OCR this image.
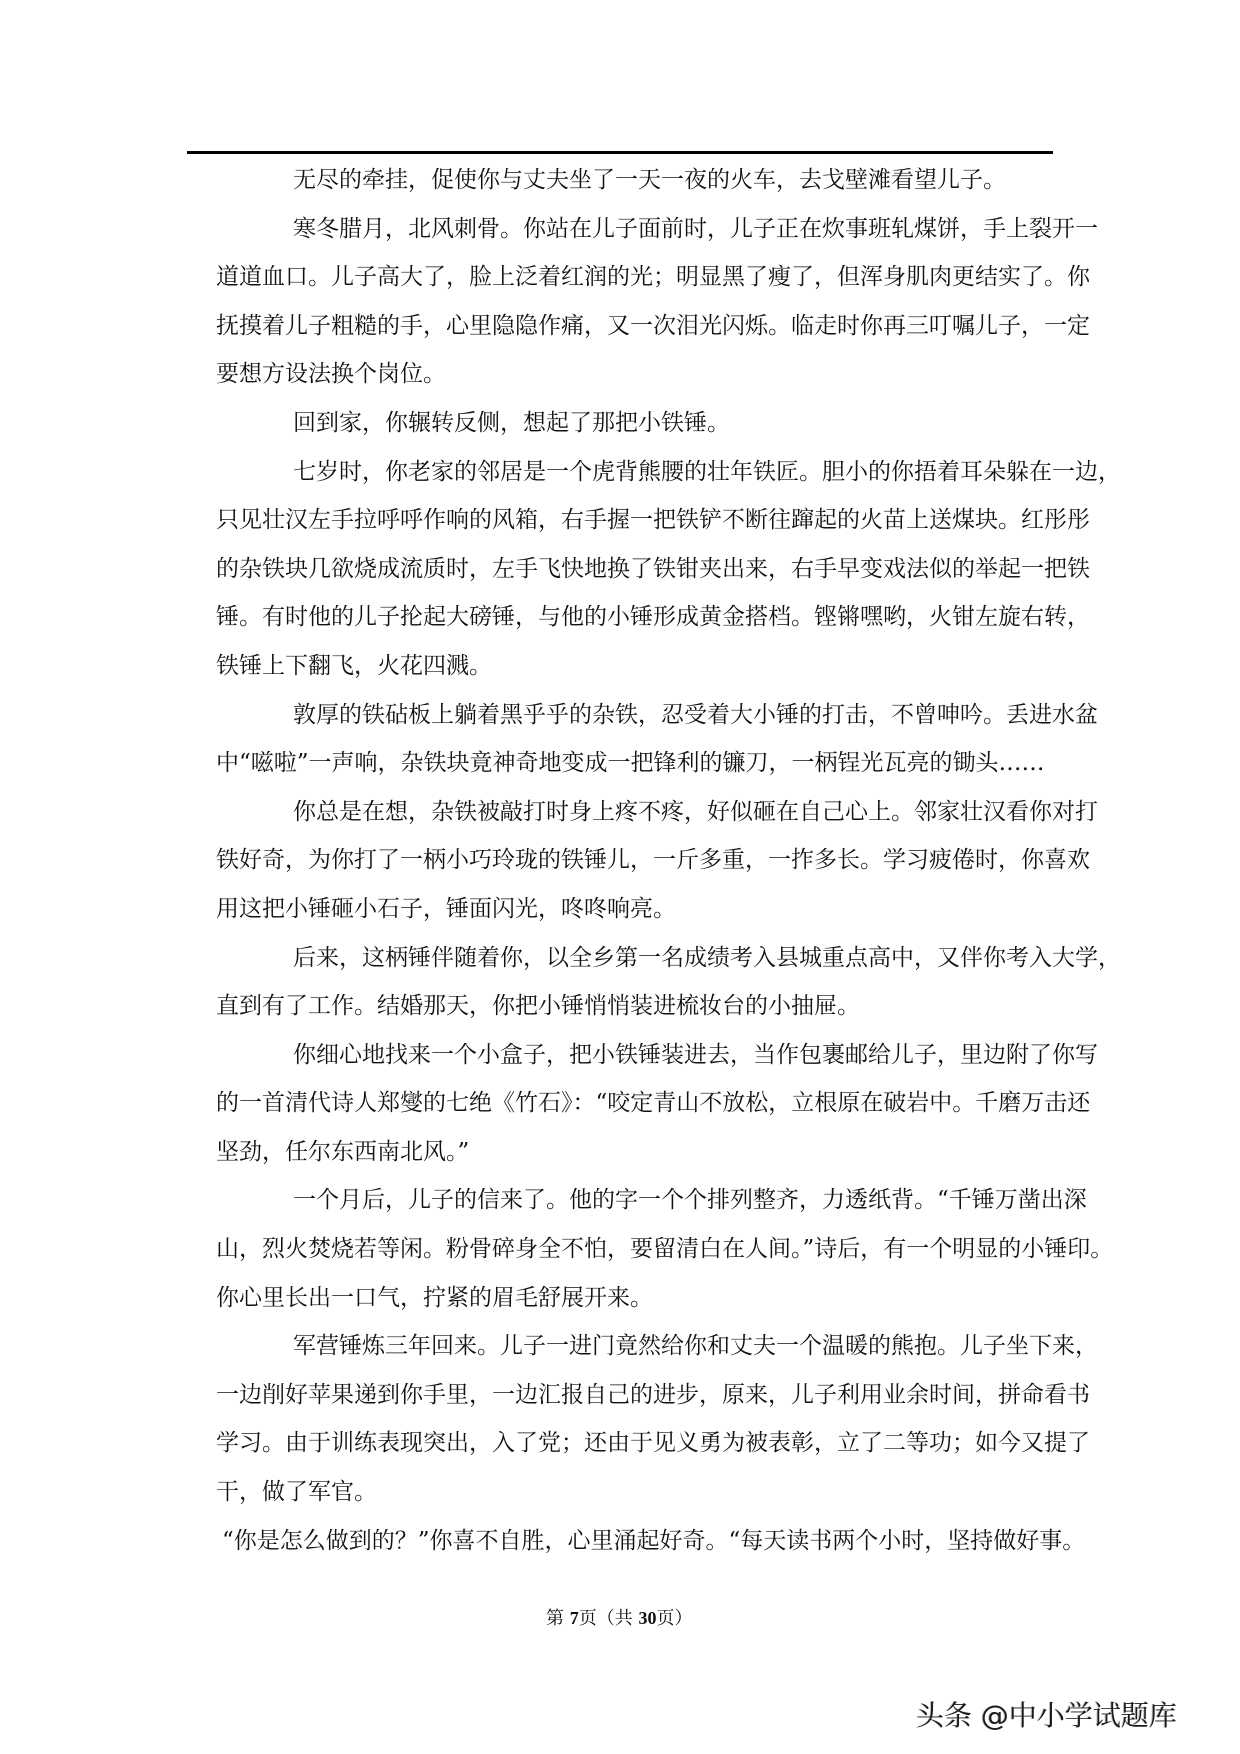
无尽的牵挂，促使你与丈夫坐了一天一夜的火车，去戈壁滩看望儿子。
寒冬腊月，北风刺骨。你站在儿子面前时，儿子正在炊事班轧煤饼，手上裂开一
道道血口。儿子高大了，脸上泛着红润的光；明显黑了瘦了，但浑身肌肉更结实了。你
抚摸着儿子粗糙的手，心里隐隐作痛，又一次泪光闪烁。临走时你再三叮嘱儿子，一定
要想方设法换个岗位。
回到家，你辗转反侧，想起了那把小铁锤。
七岁时，你老家的邻居是一个虎背熊腰的壮年铁匠。胆小的你捂着耳朵躲在一边，
只见壮汉左手拉呼呼作响的风箱，右手握一把铁铲不断往蹿起的火苗上送煤块。红彤彤
的杂铁块几欲烧成流质时，左手飞快地换了铁钳夹出来，右手早变戏法似的举起一把铁
锤。有时他的儿子抡起大磅锤，与他的小锤形成黄金搭档。铿锵嘿哟，火钳左旋右转，
铁锤上下翻飞，火花四溅。
敦厚的铁砧板上躺着黑乎乎的杂铁，忍受着大小锤的打击，不曾呻吟。丢进水盆
中“嗞啦”一声响，杂铁块竟神奇地变成一把锋利的镰刀，一柄锃光瓦亮的锄头……
你总是在想，杂铁被敲打时身上疼不疼，好似砸在自己心上。邻家壮汉看你对打
铁好奇，为你打了一柄小巧玲珑的铁锤儿，一斤多重，一拃多长。学习疲倦时，你喜欢
用这把小锤砸小石子，锤面闪光，咚咚响亮。
后来，这柄锤伴随着你，以全乡第一名成绩考入县城重点高中，又伴你考入大学，
直到有了工作。结婚那天，你把小锤悄悄装进梳妆台的小抽屉。
你细心地找来一个小盒子，把小铁锤装进去，当作包裹邮给儿子，里边附了你写
的一首清代诗人郑燮的七绝《竹石》：“咬定青山不放松，立根原在破岩中。千磨万击还
坚劲，任尔东西南北风。”
一个月后，儿子的信来了。他的字一个个排列整齐，力透纸背。“千锤万凿出深
山，烈火焚烧若等闲。粉骨碎身全不怕，要留清白在人间。”诗后，有一个明显的小锤印。
你心里长出一口气，拧紧的眉毛舒展开来。
军营锤炼三年回来。儿子一进门竟然给你和丈夫一个温暖的熊抱。儿子坐下来，
一边削好苹果递到你手里，一边汇报自己的进步，原来，儿子利用业余时间，拼命看书
学习。由于训练表现突出，入了党；还由于见义勇为被表彰，立了二等功；如今又提了
干，做了军官。
“你是怎么做到的？”你喜不自胜，心里涌起好奇。“每天读书两个小时，坚持做好事。
第 7页（共 30页）
头条 @中小学试题库
